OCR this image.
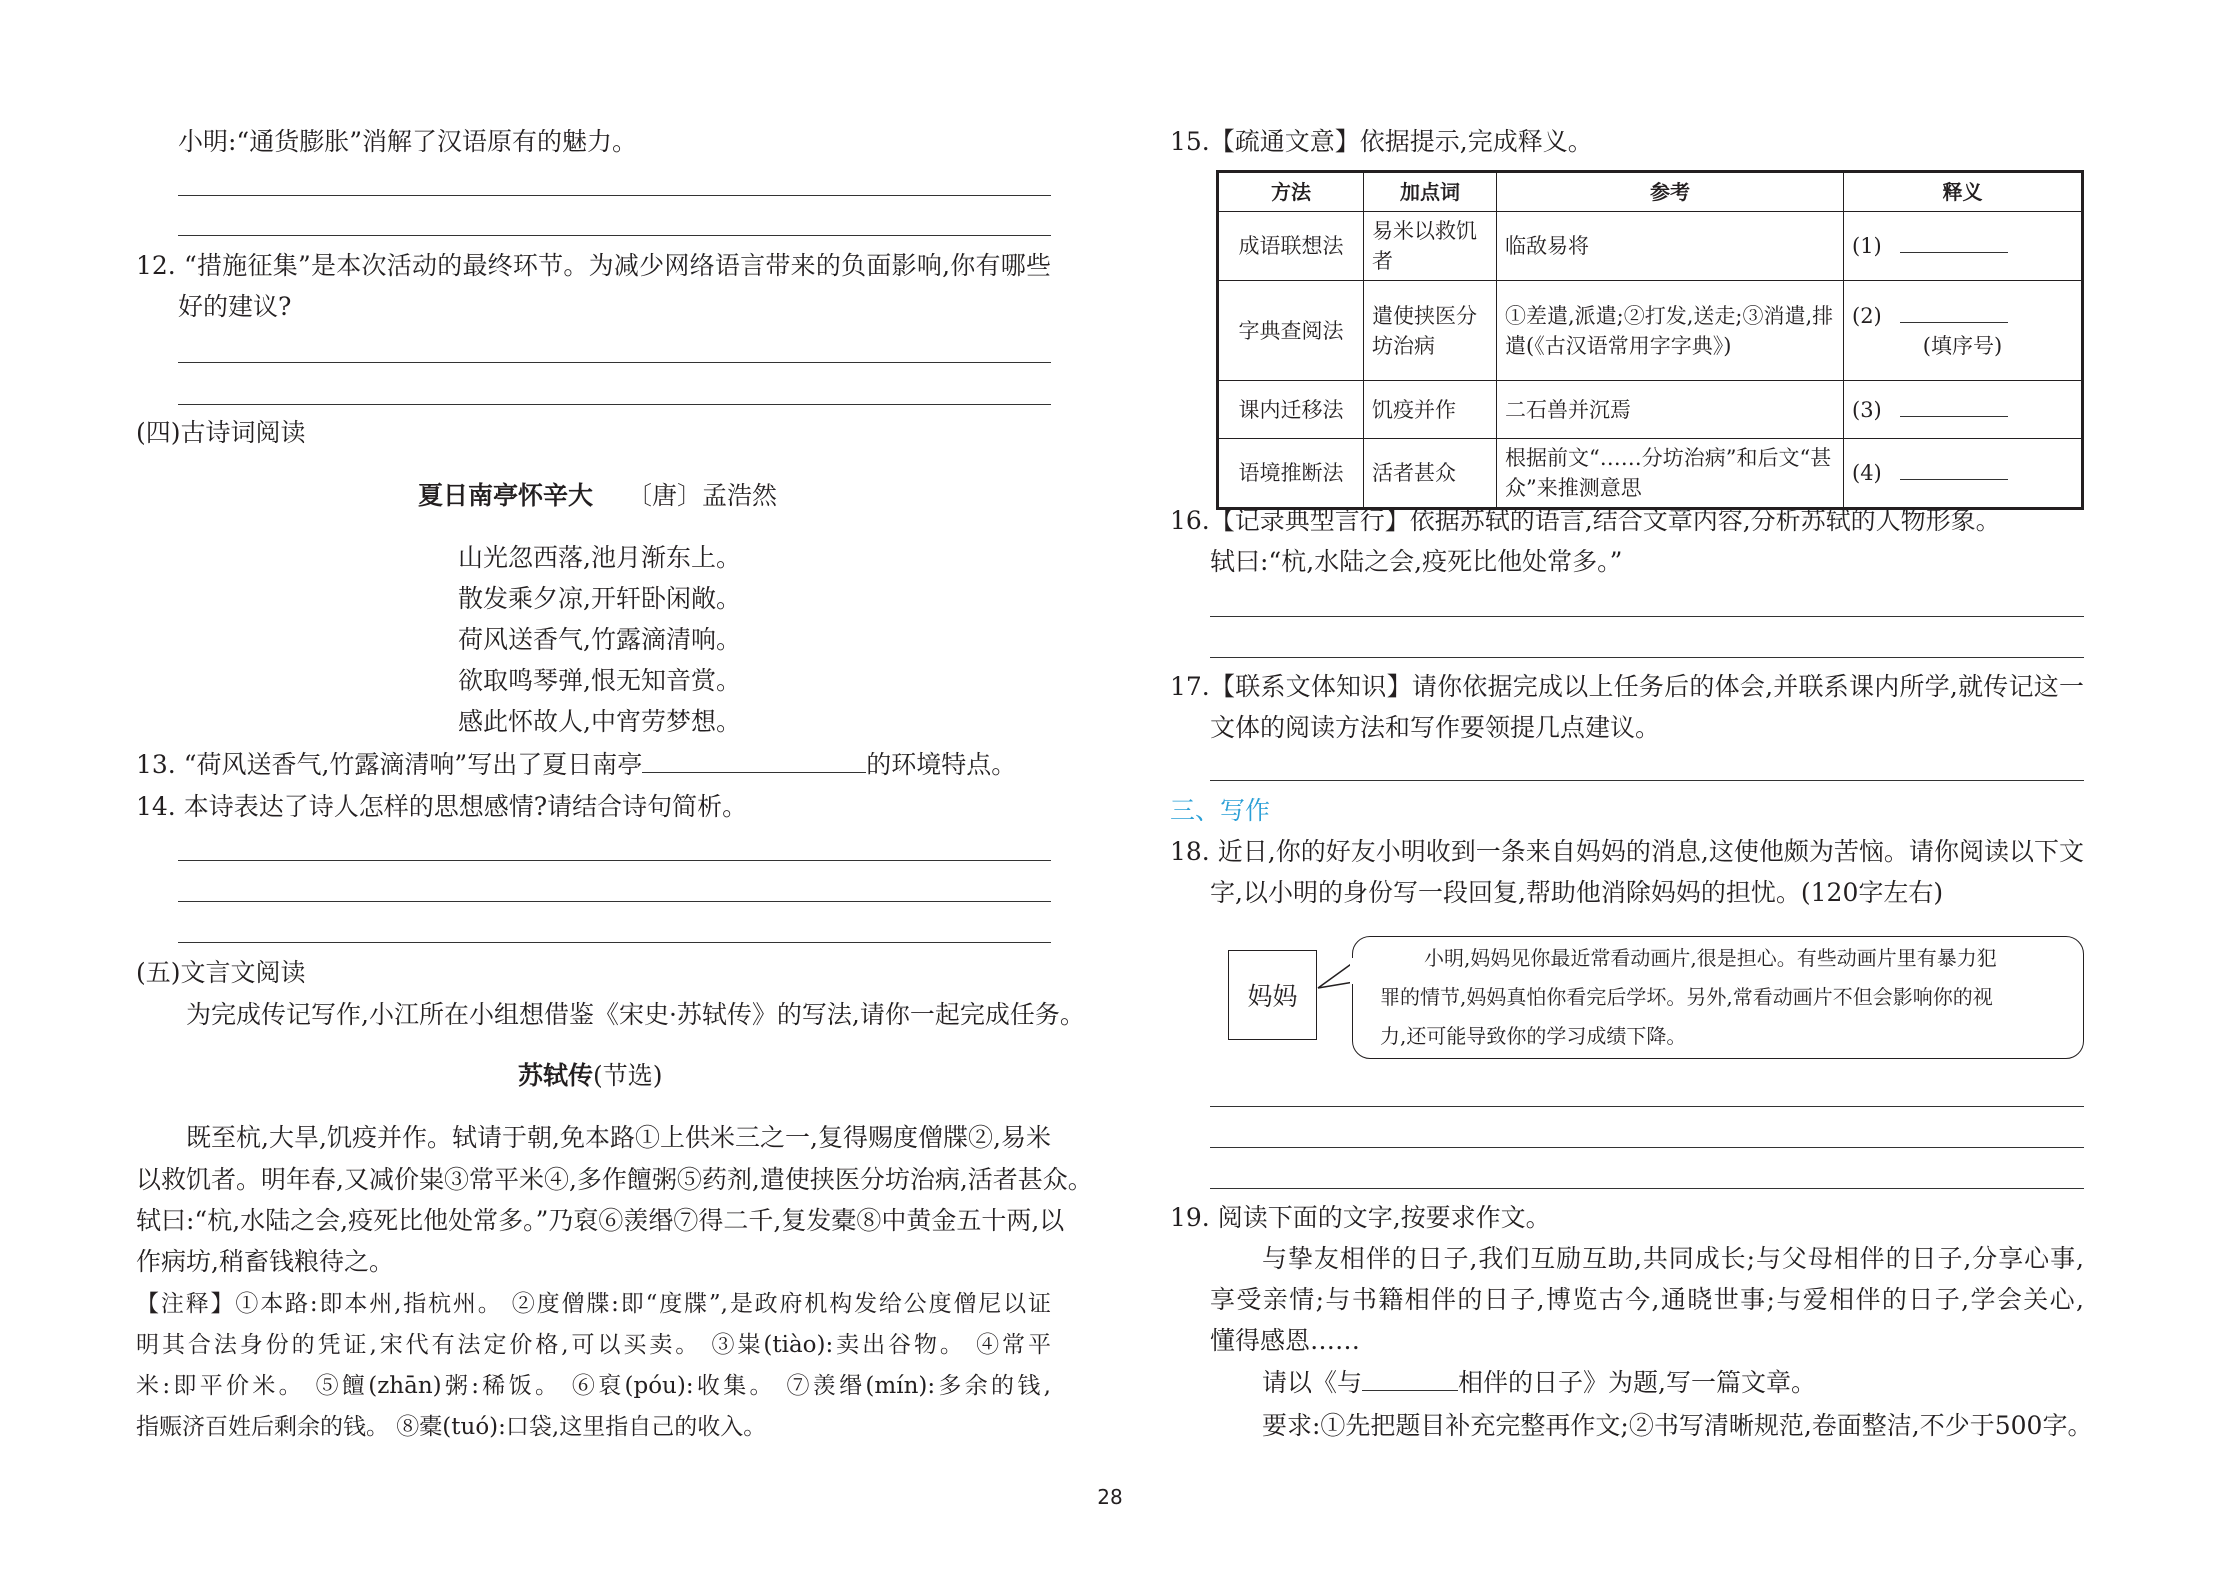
小明:“通货膨胀”消解了汉语原有的魅力。
12. “措施征集”是本次活动的最终环节。为减少网络语言带来的负面影响,你有哪些
好的建议?
(四)古诗词阅读
夏日南亭怀辛大 〔唐〕孟浩然
山光忽西落,池月渐东上。
散发乘夕凉,开轩卧闲敞。
荷风送香气,竹露滴清响。
欲取鸣琴弹,恨无知音赏。
感此怀故人,中宵劳梦想。
13. “荷风送香气,竹露滴清响”写出了夏日南亭	的环境特点。
14. 本诗表达了诗人怎样的思想感情?请结合诗句简析。
(五)文言文阅读
为完成传记写作,小江所在小组想借鉴《宋史·苏轼传》的写法,请你一起完成任务。
苏轼传(节选)
既至杭,大旱,饥疫并作。轼请于朝,免本路①上供米三之一,复得赐度僧牒②,易米
以救饥者。明年春,又减价粜③常平米④,多作饘粥⑤药剂,遣使挟医分坊治病,活者甚众。
轼曰:“杭,水陆之会,疫死比他处常多。”乃裒⑥羡缗⑦得二千,复发橐⑧中黄金五十两,以
作病坊,稍畜钱粮待之。
【注释】①本路:即本州,指杭州。 ②度僧牒:即“度牒”,是政府机构发给公度僧尼以证
明其合法身份的凭证,宋代有法定价格,可以买卖。 ③粜(tiào):卖出谷物。 ④常平
米:即平价米。 ⑤饘(zhān)粥:稀饭。 ⑥裒(póu):收集。 ⑦羡缗(mín):多余的钱,
指赈济百姓后剩余的钱。 ⑧橐(tuó):口袋,这里指自己的收入。
15.【疏通文意】依据提示,完成释义。
方法	加点词	参考	释义
成语联想法	易米以救饥者	临敌易将	(1)
字典查阅法	遣使挟医分坊治病	①差遣,派遣;②打发,送走;③消遣,排遣(《古汉语常用字字典》)	(2)
(填序号)

课内迁移法	饥疫并作	二石兽并沉焉	(3)
语境推断法	活者甚众	根据前文“……分坊治病”和后文“甚众”来推测意思	(4)
16.【记录典型言行】依据苏轼的语言,结合文章内容,分析苏轼的人物形象。
轼曰:“杭,水陆之会,疫死比他处常多。”
17.【联系文体知识】请你依据完成以上任务后的体会,并联系课内所学,就传记这一
文体的阅读方法和写作要领提几点建议。
三、写作
18. 近日,你的好友小明收到一条来自妈妈的消息,这使他颇为苦恼。请你阅读以下文
字,以小明的身份写一段回复,帮助他消除妈妈的担忧。(120字左右)
妈妈
小明,妈妈见你最近常看动画片,很是担心。有些动画片里有暴力犯
罪的情节,妈妈真怕你看完后学坏。另外,常看动画片不但会影响你的视
力,还可能导致你的学习成绩下降。
19. 阅读下面的文字,按要求作文。
与挚友相伴的日子,我们互励互助,共同成长;与父母相伴的日子,分享心事,
享受亲情;与书籍相伴的日子,博览古今,通晓世事;与爱相伴的日子,学会关心,
懂得感恩……
请以《与	相伴的日子》为题,写一篇文章。
要求:①先把题目补充完整再作文;②书写清晰规范,卷面整洁,不少于500字。
28
